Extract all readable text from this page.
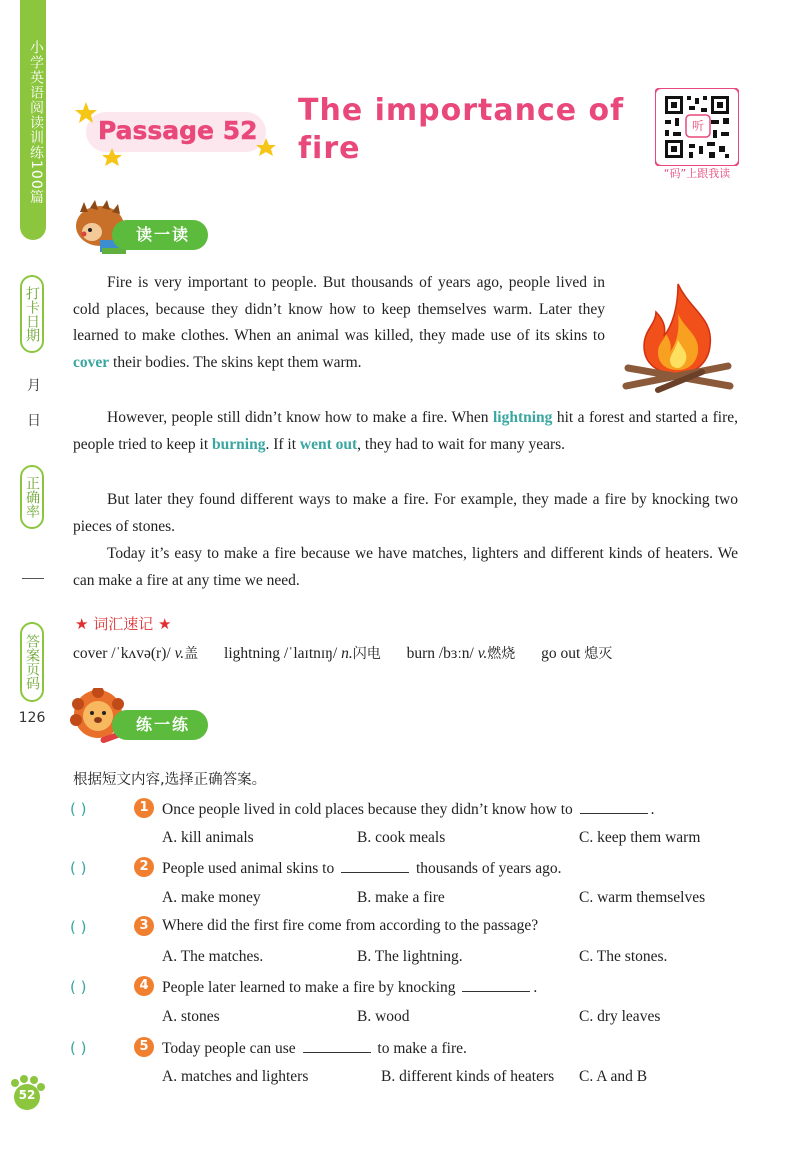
小学英语阅读训练100篇
打卡日期
月
日
正确率
答案页码
126
Passage 52
The importance of fire
听
“码”上跟我读
读一读
Fire is very important to people. But thousands of years ago, people lived in cold places, because they didn’t know how to keep themselves warm. Later they learned to make clothes. When an animal was killed, they made use of its skins to cover their bodies. The skins kept them warm.
However, people still didn’t know how to make a fire. When lightning hit a forest and started a fire, people tried to keep it burning. If it went out, they had to wait for many years.
But later they found different ways to make a fire. For example, they made a fire by knocking two pieces of stones.
Today it’s easy to make a fire because we have matches, lighters and different kinds of heaters. We can make a fire at any time we need.
★ 词汇速记 ★
cover /ˈkʌvə(r)/ v.盖 lightning /ˈlaɪtnɪŋ/ n.闪电 burn /bɜːn/ v.燃烧 go out 熄灭
练一练
根据短文内容,选择正确答案。
( )	1 Once people lived in cold places because they didn’t know how to	.
A. kill animals	B. cook meals	C. keep them warm
( )	2 People used animal skins to	thousands of years ago.
A. make money	B. make a fire	C. warm themselves
( )	3 Where did the first fire come from according to the passage?
A. The matches.	B. The lightning.	C. The stones.
( )	4 People later learned to make a fire by knocking	.
A. stones	B. wood	C. dry leaves
( )	5 Today people can use	to make a fire.
A. matches and lighters	B. different kinds of heaters C. A and B
52
